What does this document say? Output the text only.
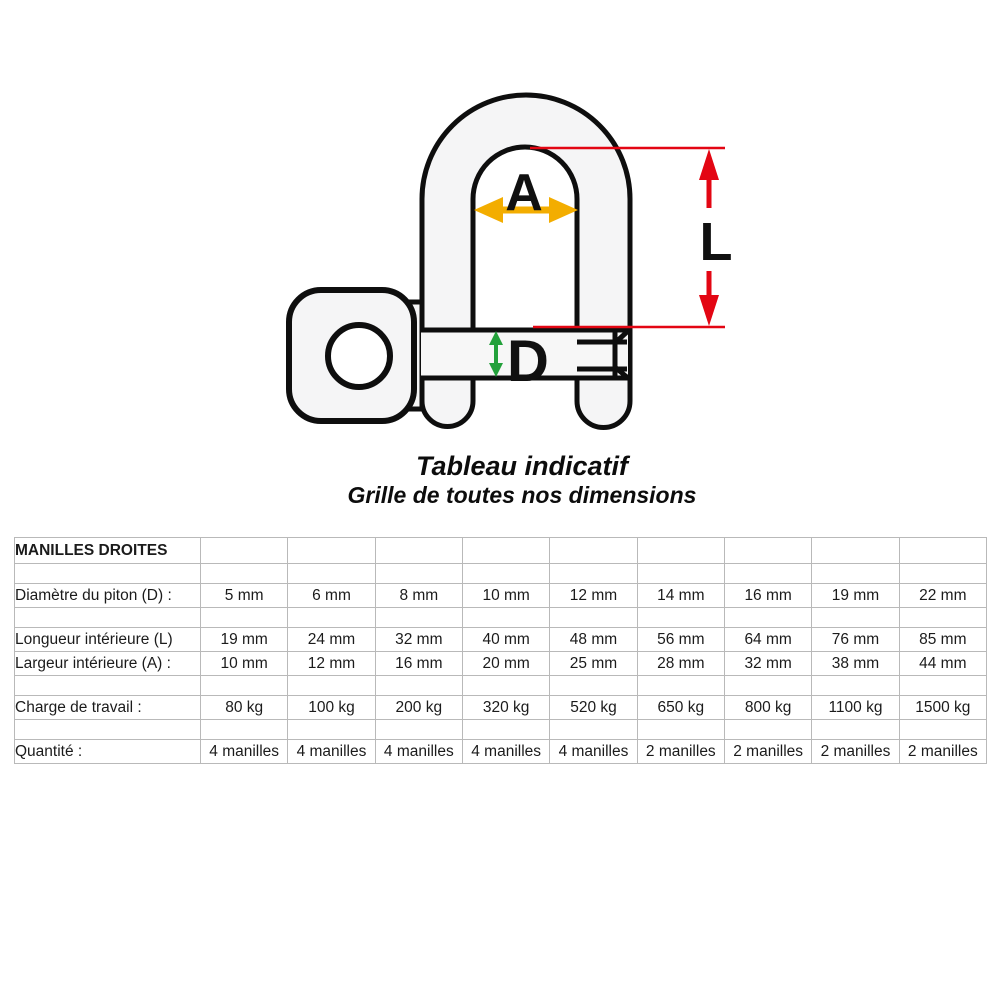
L
A
D
Tableau indicatif
Grille de toutes nos dimensions
MANILLES DROITES									

Diamètre du piton (D) :	5 mm	6 mm	8 mm	10 mm	12 mm	14 mm	16 mm	19 mm	22 mm

Longueur intérieure (L)	19 mm	24 mm	32 mm	40 mm	48 mm	56 mm	64 mm	76 mm	85 mm
Largeur intérieure (A) :	10 mm	12 mm	16 mm	20 mm	25 mm	28 mm	32 mm	38 mm	44 mm

Charge de travail :	80 kg	100 kg	200 kg	320 kg	520 kg	650 kg	800 kg	1100 kg	1500 kg

Quantité :	4 manilles	4 manilles	4 manilles	4 manilles	4 manilles	2 manilles	2 manilles	2 manilles	2 manilles
